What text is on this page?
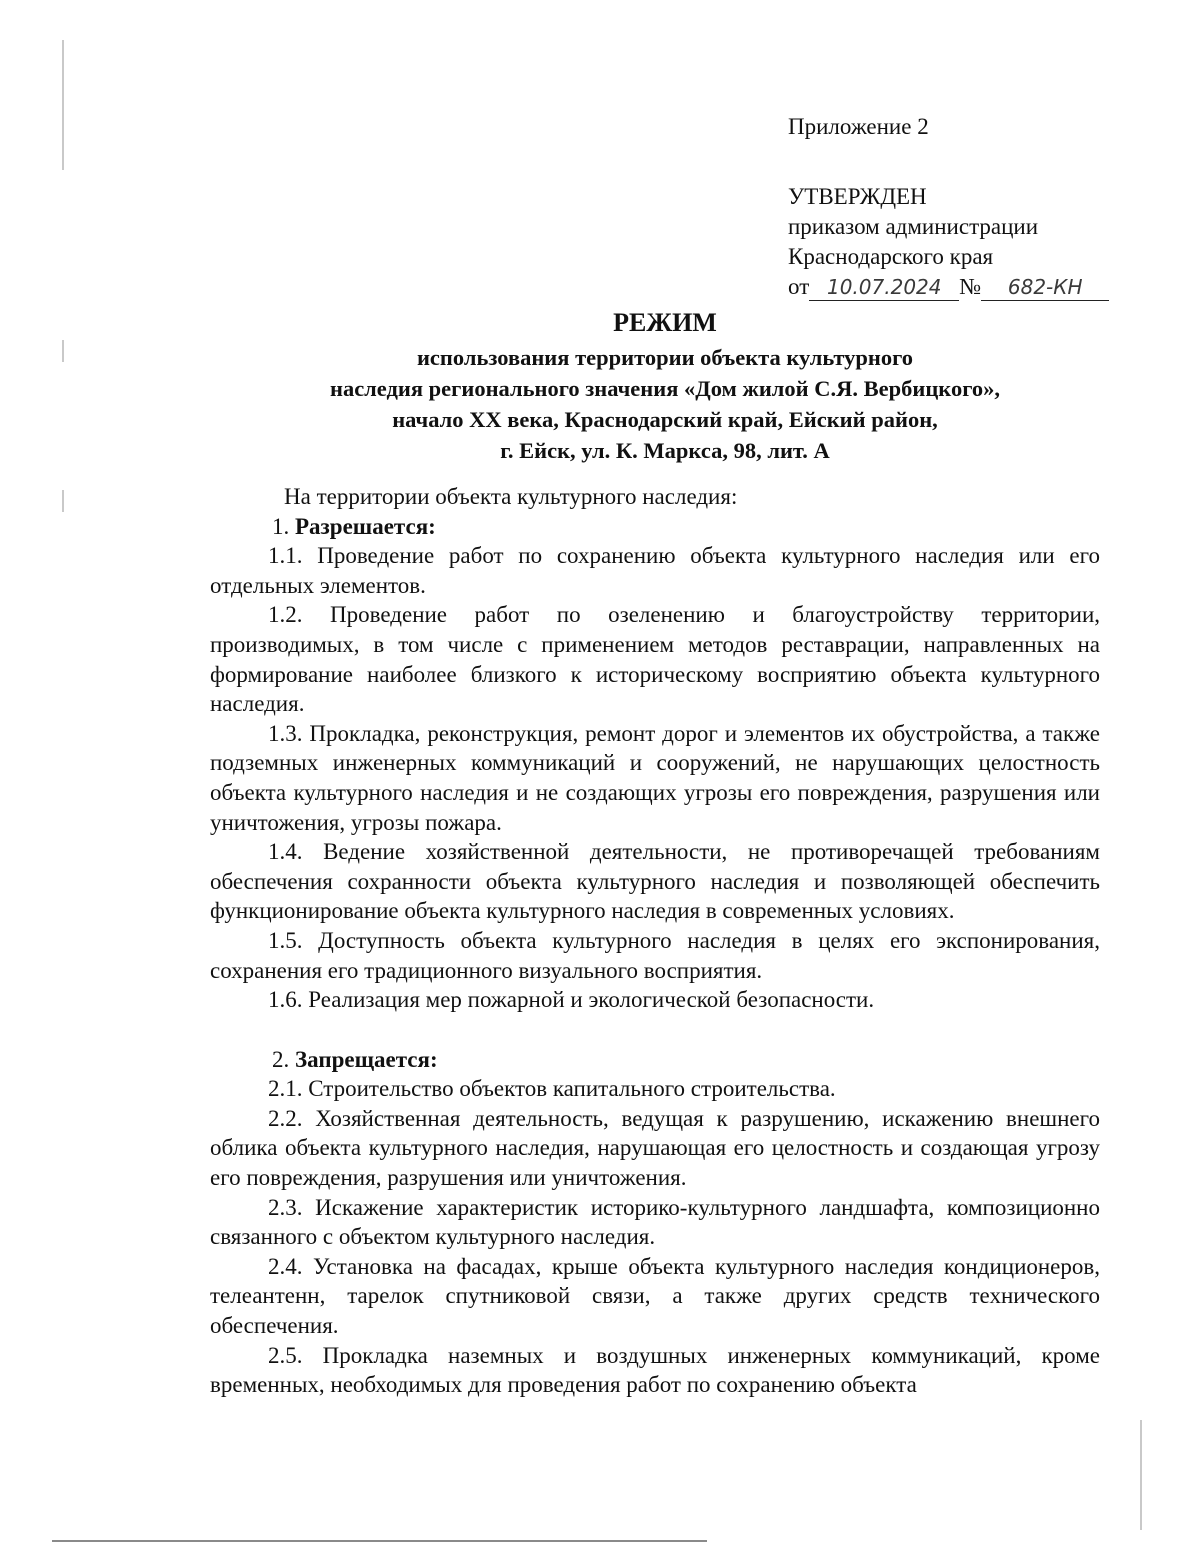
Приложение 2
УТВЕРЖДЕН
приказом администрации
Краснодарского края
от 10.07.2024 №	682-КН
РЕЖИМ
использования территории объекта культурного
наследия регионального значения «Дом жилой С.Я. Вербицкого»,
начало XX века, Краснодарский край, Ейский район,
г. Ейск, ул. К. Маркса, 98, лит. А

На территории объекта культурного наследия:

1. Разрешается:

1.1. Проведение работ по сохранению объекта культурного наследия или его отдельных элементов.

1.2. Проведение работ по озеленению и благоустройству территории, производимых, в том числе с применением методов реставрации, направленных на формирование наиболее близкого к историческому восприятию объекта культурного наследия.

1.3. Прокладка, реконструкция, ремонт дорог и элементов их обустройства, а также подземных инженерных коммуникаций и сооружений, не нарушающих целостность объекта культурного наследия и не создающих угрозы его повреждения, разрушения или уничтожения, угрозы пожара.

1.4. Ведение хозяйственной деятельности, не противоречащей требованиям обеспечения сохранности объекта культурного наследия и позволяющей обеспечить функционирование объекта культурного наследия в современных условиях.

1.5. Доступность объекта культурного наследия в целях его экспонирования, сохранения его традиционного визуального восприятия.

1.6. Реализация мер пожарной и экологической безопасности.

2. Запрещается:

2.1. Строительство объектов капитального строительства.

2.2. Хозяйственная деятельность, ведущая к разрушению, искажению внешнего облика объекта культурного наследия, нарушающая его целостность и создающая угрозу его повреждения, разрушения или уничтожения.

2.3. Искажение характеристик историко-культурного ландшафта, композиционно связанного с объектом культурного наследия.

2.4. Установка на фасадах, крыше объекта культурного наследия кондиционеров, телеантенн, тарелок спутниковой связи, а также других средств технического обеспечения.

2.5. Прокладка наземных и воздушных инженерных коммуникаций, кроме временных, необходимых для проведения работ по сохранению объекта
